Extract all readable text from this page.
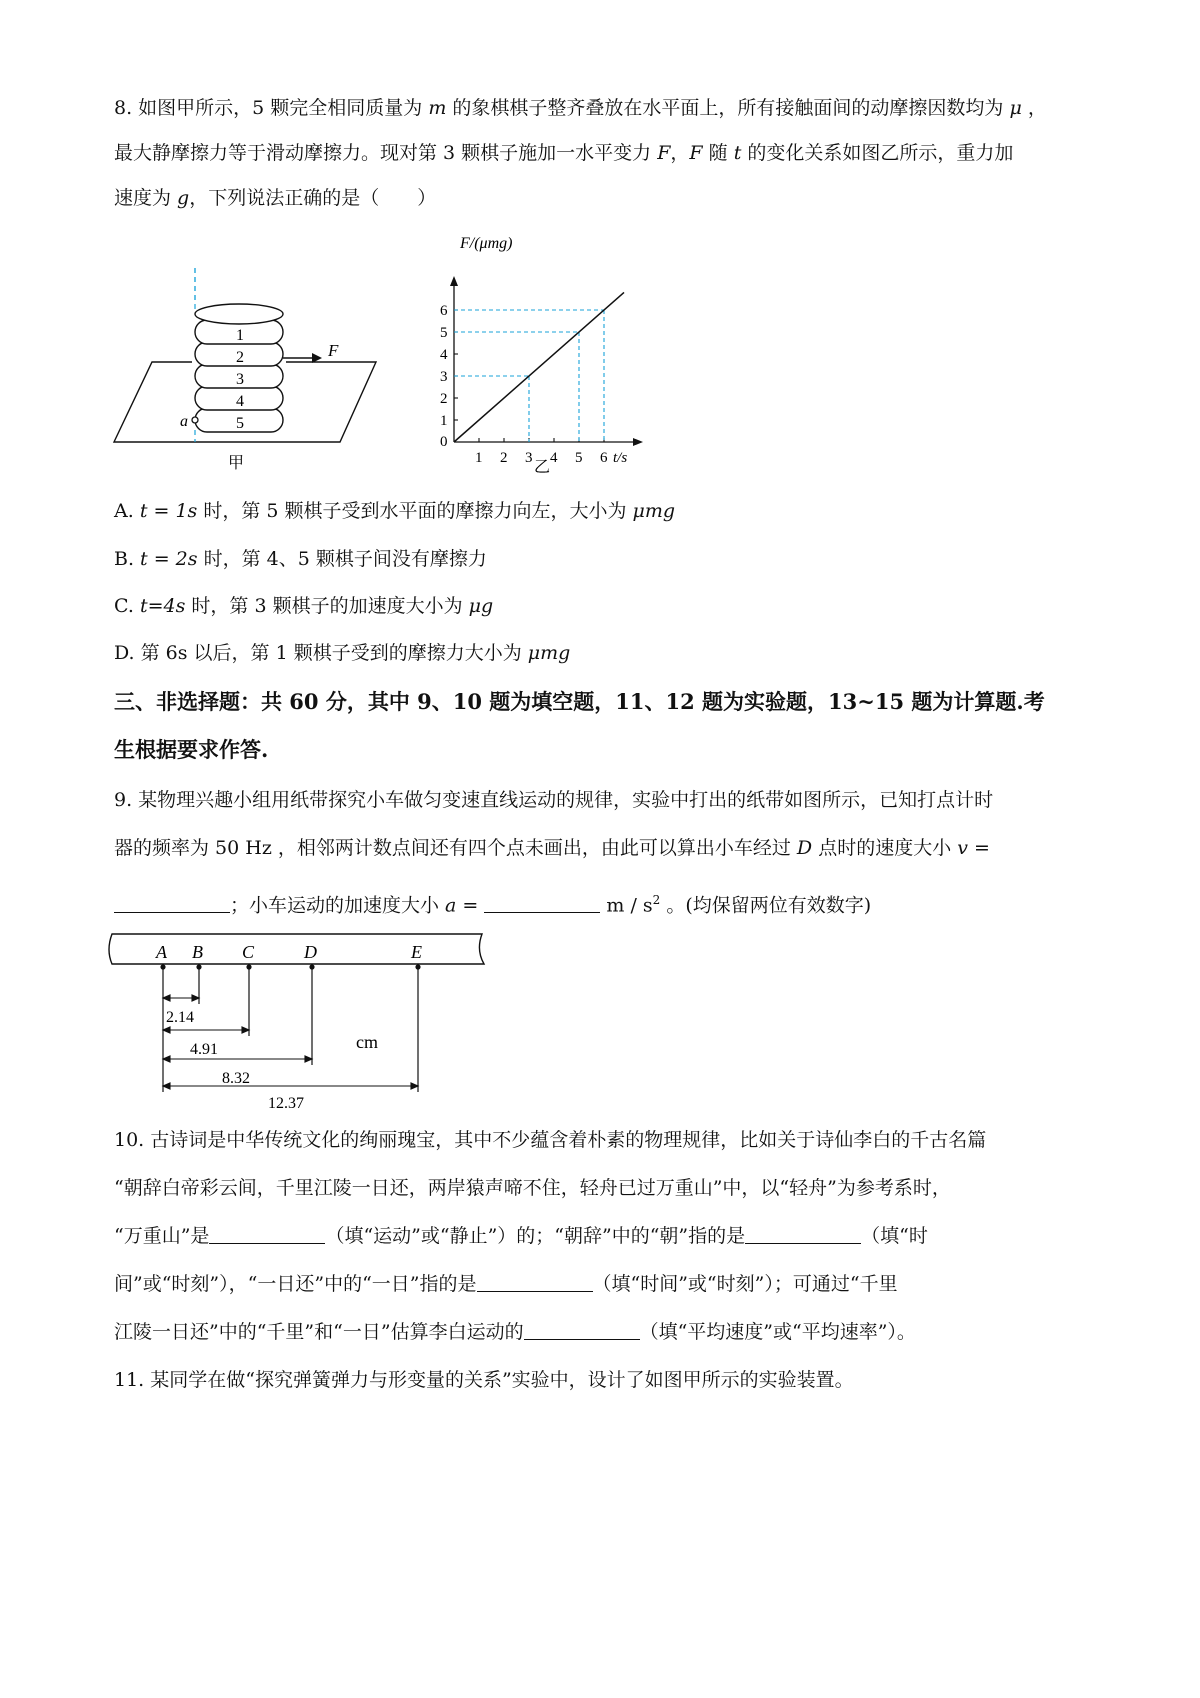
8. 如图甲所示，5 颗完全相同质量为 m 的象棋棋子整齐叠放在水平面上，所有接触面间的动摩擦因数均为 μ ，
最大静摩擦力等于滑动摩擦力。现对第 3 颗棋子施加一水平变力 F，F 随 t 的变化关系如图乙所示，重力加
速度为 g，下列说法正确的是（　　）
1
2
3
4
5
F
a
甲	1 2 3 4 5 6
1
2
3
4
5
6
0
F/(μmg)
t/s
乙
A. t = 1s 时，第 5 颗棋子受到水平面的摩擦力向左，大小为 μmg
B. t = 2s 时，第 4、5 颗棋子间没有摩擦力
C. t=4s 时，第 3 颗棋子的加速度大小为 μg
D. 第 6s 以后，第 1 颗棋子受到的摩擦力大小为 μmg
三、非选择题：共 60 分，其中 9、10 题为填空题，11、12 题为实验题，13~15 题为计算题.考
生根据要求作答.
9. 某物理兴趣小组用纸带探究小车做匀变速直线运动的规律，实验中打出的纸带如图所示，已知打点计时
器的频率为 50 Hz ，相邻两计数点间还有四个点未画出，由此可以算出小车经过 D 点时的速度大小 v =
；小车运动的加速度大小 a =	m / $s^2$ 。(均保留两位有效数字)
A B C	D	E
2.14
4.91
8.32
12.37
cm
10. 古诗词是中华传统文化的绚丽瑰宝，其中不少蕴含着朴素的物理规律，比如关于诗仙李白的千古名篇
“朝辞白帝彩云间，千里江陵一日还，两岸猿声啼不住，轻舟已过万重山”中，以“轻舟”为参考系时，
“万重山”是	（填“运动”或“静止”）的；“朝辞”中的“朝”指的是	（填“时
间”或“时刻”），“一日还”中的“一日”指的是	（填“时间”或“时刻”）；可通过“千里
江陵一日还”中的“千里”和“一日”估算李白运动的	（填“平均速度”或“平均速率”）。
11. 某同学在做“探究弹簧弹力与形变量的关系”实验中，设计了如图甲所示的实验装置。
